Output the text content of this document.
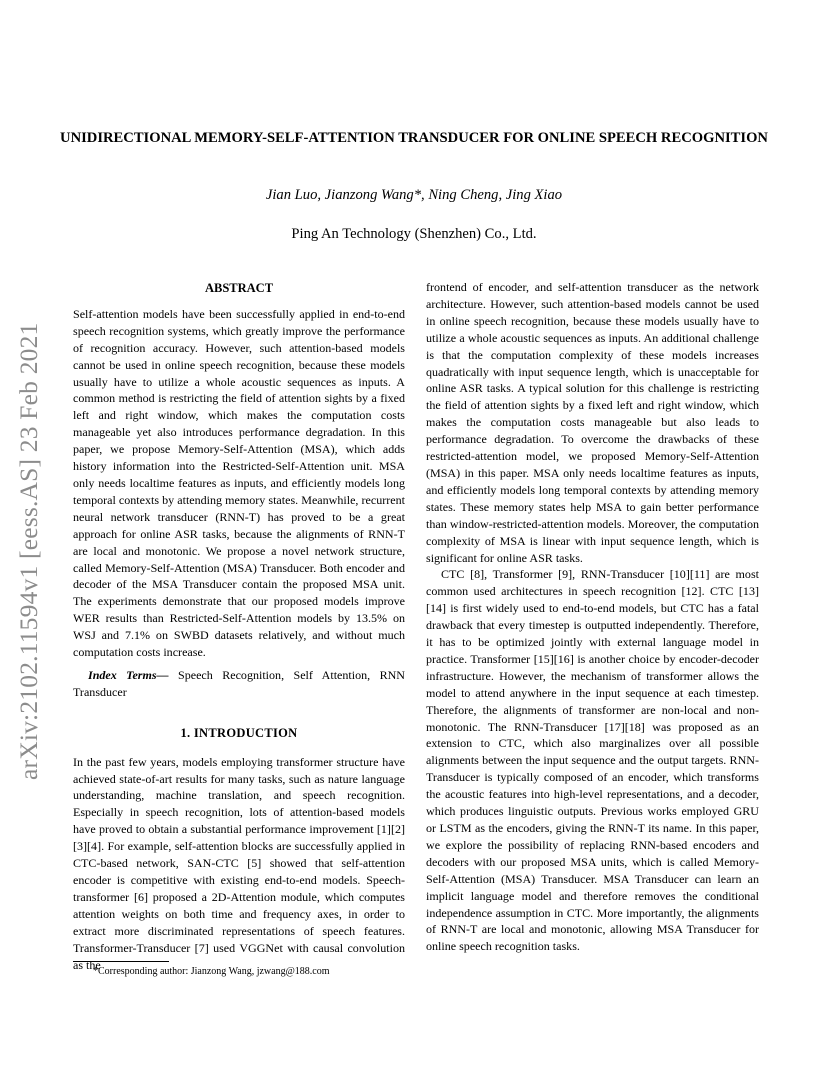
arXiv:2102.11594v1 [eess.AS] 23 Feb 2021
UNIDIRECTIONAL MEMORY-SELF-ATTENTION TRANSDUCER FOR ONLINE SPEECH RECOGNITION
Jian Luo, Jianzong Wang*, Ning Cheng, Jing Xiao
Ping An Technology (Shenzhen) Co., Ltd.
ABSTRACT

Self-attention models have been successfully applied in end-to-end speech recognition systems, which greatly improve the performance of recognition accuracy. However, such attention-based models cannot be used in online speech recognition, because these models usually have to utilize a whole acoustic sequences as inputs. A common method is restricting the field of attention sights by a fixed left and right window, which makes the computation costs manageable yet also introduces performance degradation. In this paper, we propose Memory-Self-Attention (MSA), which adds history information into the Restricted-Self-Attention unit. MSA only needs localtime features as inputs, and efficiently models long temporal contexts by attending memory states. Meanwhile, recurrent neural network transducer (RNN-T) has proved to be a great approach for online ASR tasks, because the alignments of RNN-T are local and monotonic. We propose a novel network structure, called Memory-Self-Attention (MSA) Transducer. Both encoder and decoder of the MSA Transducer contain the proposed MSA unit. The experiments demonstrate that our proposed models improve WER results than Restricted-Self-Attention models by 13.5% on WSJ and 7.1% on SWBD datasets relatively, and without much computation costs increase.

Index Terms— Speech Recognition, Self Attention, RNN Transducer

1. INTRODUCTION

In the past few years, models employing transformer structure have achieved state-of-art results for many tasks, such as nature language understanding, machine translation, and speech recognition. Especially in speech recognition, lots of attention-based models have proved to obtain a substantial performance improvement [1][2][3][4]. For example, self-attention blocks are successfully applied in CTC-based network, SAN-CTC [5] showed that self-attention encoder is competitive with existing end-to-end models. Speech-transformer [6] proposed a 2D-Attention module, which computes attention weights on both time and frequency axes, in order to extract more discriminated representations of speech features. Transformer-Transducer [7] used VGGNet with causal convolution as the

frontend of encoder, and self-attention transducer as the network architecture. However, such attention-based models cannot be used in online speech recognition, because these models usually have to utilize a whole acoustic sequences as inputs. An additional challenge is that the computation complexity of these models increases quadratically with input sequence length, which is unacceptable for online ASR tasks. A typical solution for this challenge is restricting the field of attention sights by a fixed left and right window, which makes the computation costs manageable but also leads to performance degradation. To overcome the drawbacks of these restricted-attention model, we proposed Memory-Self-Attention (MSA) in this paper. MSA only needs localtime features as inputs, and efficiently models long temporal contexts by attending memory states. These memory states help MSA to gain better performance than window-restricted-attention models. Moreover, the computation complexity of MSA is linear with input sequence length, which is significant for online ASR tasks.

CTC [8], Transformer [9], RNN-Transducer [10][11] are most common used architectures in speech recognition [12]. CTC [13][14] is first widely used to end-to-end models, but CTC has a fatal drawback that every timestep is outputted independently. Therefore, it has to be optimized jointly with external language model in practice. Transformer [15][16] is another choice by encoder-decoder infrastructure. However, the mechanism of transformer allows the model to attend anywhere in the input sequence at each timestep. Therefore, the alignments of transformer are non-local and non-monotonic. The RNN-Transducer [17][18] was proposed as an extension to CTC, which also marginalizes over all possible alignments between the input sequence and the output targets. RNN-Transducer is typically composed of an encoder, which transforms the acoustic features into high-level representations, and a decoder, which produces linguistic outputs. Previous works employed GRU or LSTM as the encoders, giving the RNN-T its name. In this paper, we explore the possibility of replacing RNN-based encoders and decoders with our proposed MSA units, which is called Memory-Self-Attention (MSA) Transducer. MSA Transducer can learn an implicit language model and therefore removes the conditional independence assumption in CTC. More importantly, the alignments of RNN-T are local and monotonic, allowing MSA Transducer for online speech recognition tasks.

*Corresponding author: Jianzong Wang, jzwang@188.com
